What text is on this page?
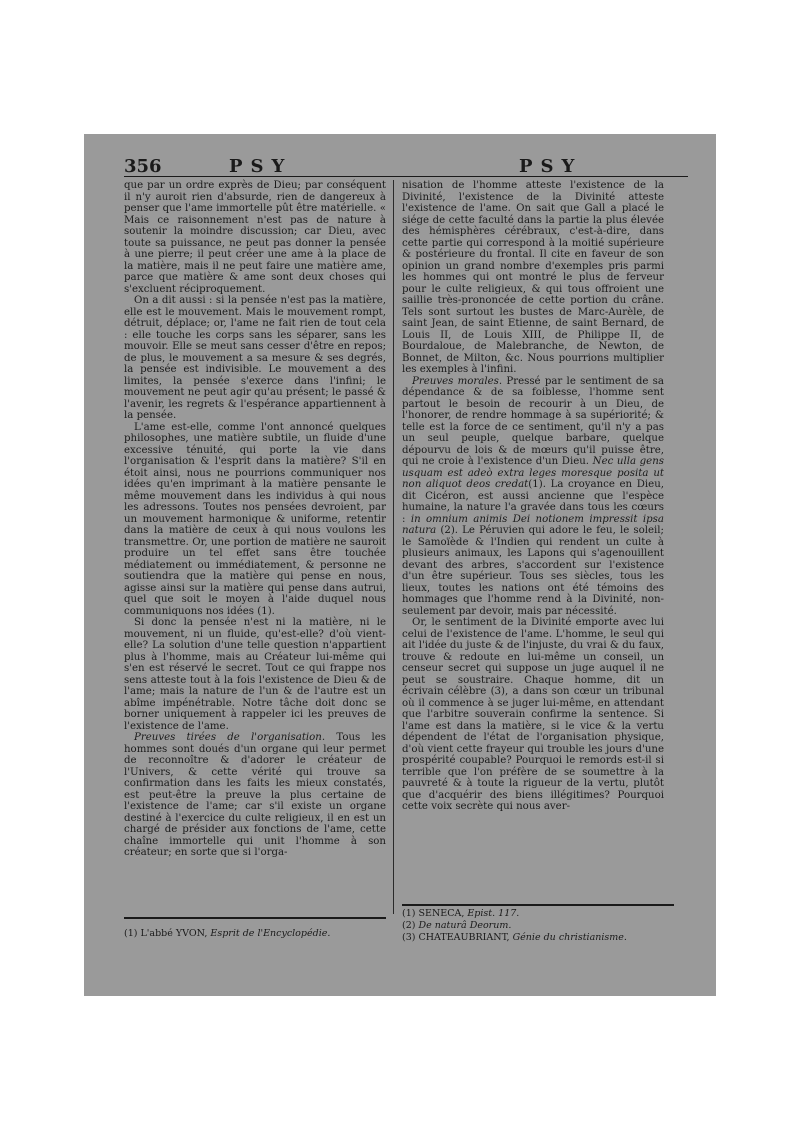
356	PSY	PSY

que par un ordre exprès de Dieu; par conséquent il n'y auroit rien d'absurde, rien de dangereux à penser que l'ame immortelle pût être matérielle. « Mais ce raisonnement n'est pas de nature à soutenir la moindre discussion; car Dieu, avec toute sa puissance, ne peut pas donner la pensée à une pierre; il peut créer une ame à la place de la matière, mais il ne peut faire une matière ame, parce que matière & ame sont deux choses qui s'excluent réciproquement.

On a dit aussi : si la pensée n'est pas la matière, elle est le mouvement. Mais le mouvement rompt, détruit, déplace; or, l'ame ne fait rien de tout cela : elle touche les corps sans les séparer, sans les mouvoir. Elle se meut sans cesser d'être en repos; de plus, le mouvement a sa mesure & ses degrés, la pensée est indivisible. Le mouvement a des limites, la pensée s'exerce dans l'infini; le mouvement ne peut agir qu'au présent; le passé & l'avenir, les regrets & l'espérance appartiennent à la pensée.

L'ame est-elle, comme l'ont annoncé quelques philosophes, une matière subtile, un fluide d'une excessive ténuité, qui porte la vie dans l'organisation & l'esprit dans la matière? S'il en étoit ainsi, nous ne pourrions communiquer nos idées qu'en imprimant à la matière pensante le même mouvement dans les individus à qui nous les adressons. Toutes nos pensées devroient, par un mouvement harmonique & uniforme, retentir dans la matière de ceux à qui nous voulons les transmettre. Or, une portion de matière ne sauroit produire un tel effet sans être touchée médiatement ou immédiatement, & personne ne soutiendra que la matière qui pense en nous, agisse ainsi sur la matière qui pense dans autrui, quel que soit le moyen à l'aide duquel nous communiquons nos idées (1).

Si donc la pensée n'est ni la matière, ni le mouvement, ni un fluide, qu'est-elle? d'où vient-elle? La solution d'une telle question n'appartient plus à l'homme, mais au Créateur lui-même qui s'en est réservé le secret. Tout ce qui frappe nos sens atteste tout à la fois l'existence de Dieu & de l'ame; mais la nature de l'un & de l'autre est un abîme impénétrable. Notre tâche doit donc se borner uniquement à rappeler ici les preuves de l'existence de l'ame.

Preuves tirées de l'organisation. Tous les hommes sont doués d'un organe qui leur permet de reconnoître & d'adorer le créateur de l'Univers, & cette vérité qui trouve sa confirmation dans les faits les mieux constatés, est peut-être la preuve la plus certaine de l'existence de l'ame; car s'il existe un organe destiné à l'exercice du culte religieux, il en est un chargé de présider aux fonctions de l'ame, cette chaîne immortelle qui unit l'homme à son créateur; en sorte que si l'orga-

nisation de l'homme atteste l'existence de la Divinité, l'existence de la Divinité atteste l'existence de l'ame. On sait que Gall a placé le siége de cette faculté dans la partie la plus élevée des hémisphères cérébraux, c'est-à-dire, dans cette partie qui correspond à la moitié supérieure & postérieure du frontal. Il cite en faveur de son opinion un grand nombre d'exemples pris parmi les hommes qui ont montré le plus de ferveur pour le culte religieux, & qui tous offroient une saillie très-prononcée de cette portion du crâne. Tels sont surtout les bustes de Marc-Aurèle, de saint Jean, de saint Etienne, de saint Bernard, de Louis II, de Louis XIII, de Philippe II, de Bourdaloue, de Malebranche, de Newton, de Bonnet, de Milton, &c. Nous pourrions multiplier les exemples à l'infini.

Preuves morales. Pressé par le sentiment de sa dépendance & de sa foiblesse, l'homme sent partout le besoin de recourir à un Dieu, de l'honorer, de rendre hommage à sa supériorité; & telle est la force de ce sentiment, qu'il n'y a pas un seul peuple, quelque barbare, quelque dépourvu de lois & de mœurs qu'il puisse être, qui ne croie à l'existence d'un Dieu. Nec ulla gens usquam est adeò extra leges moresque posita ut non aliquot deos credat(1). La croyance en Dieu, dit Cicéron, est aussi ancienne que l'espèce humaine, la nature l'a gravée dans tous les cœurs : in omnium animis Dei notionem impressit ipsa natura (2). Le Péruvien qui adore le feu, le soleil; le Samoïède & l'Indien qui rendent un culte à plusieurs animaux, les Lapons qui s'agenouillent devant des arbres, s'accordent sur l'existence d'un être supérieur. Tous ses siècles, tous les lieux, toutes les nations ont été témoins des hommages que l'homme rend à la Divinité, non-seulement par devoir, mais par nécessité.

Or, le sentiment de la Divinité emporte avec lui celui de l'existence de l'ame. L'homme, le seul qui ait l'idée du juste & de l'injuste, du vrai & du faux, trouve & redoute en lui-même un conseil, un censeur secret qui suppose un juge auquel il ne peut se soustraire. Chaque homme, dit un écrivain célèbre (3), a dans son cœur un tribunal où il commence à se juger lui-même, en attendant que l'arbitre souverain confirme la sentence. Si l'ame est dans la matière, si le vice & la vertu dépendent de l'état de l'organisation physique, d'où vient cette frayeur qui trouble les jours d'une prospérité coupable? Pourquoi le remords est-il si terrible que l'on préfère de se soumettre à la pauvreté & à toute la rigueur de la vertu, plutôt que d'acquérir des biens illégitimes? Pourquoi cette voix secrète qui nous aver-

(1) L'abbé YVON, Esprit de l'Encyclopédie.
(1) SENECA, Epist. 117.
(2) De naturâ Deorum.
(3) CHATEAUBRIANT, Génie du christianisme.
